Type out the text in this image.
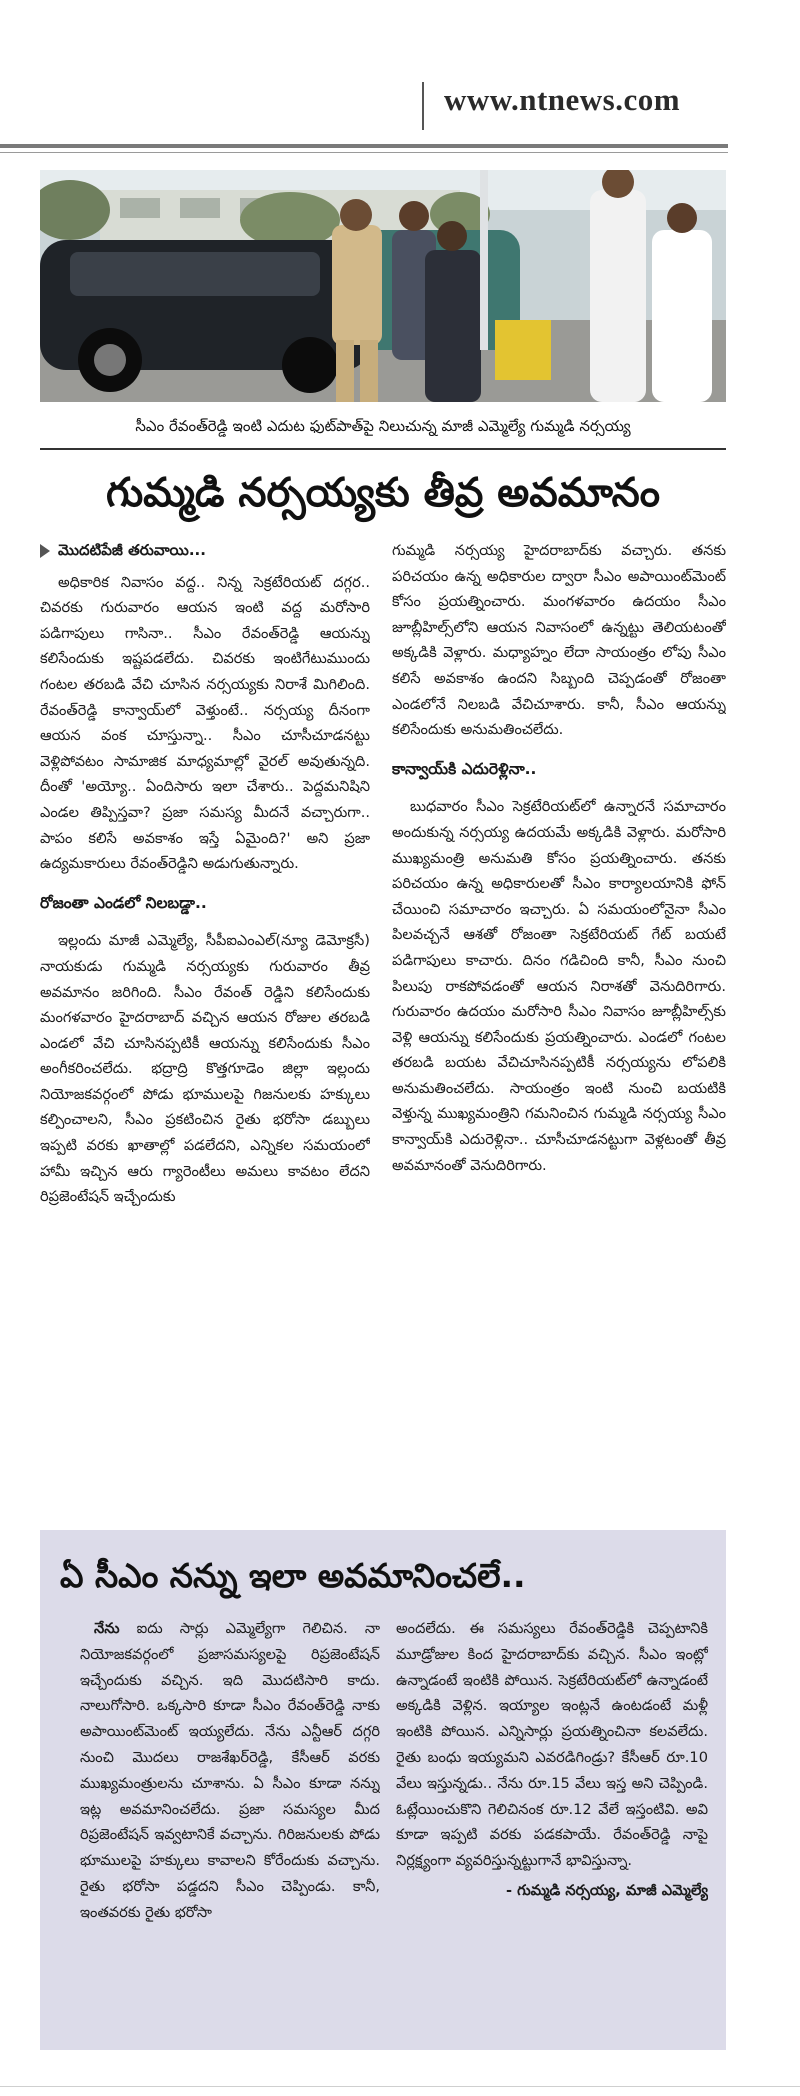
www.ntnews.com
సీఎం రేవంత్‌రెడ్డి ఇంటి ఎదుట ఫుట్‌పాత్‌పై నిలుచున్న మాజీ ఎమ్మెల్యే గుమ్మడి నర్సయ్య
గుమ్మడి నర్సయ్యకు తీవ్ర అవమానం
మొదటిపేజీ తరువాయి...

అధికారిక నివాసం వద్ద.. నిన్న సెక్రటేరియట్ దగ్గర.. చివరకు గురువారం ఆయన ఇంటి వద్ద మరోసారి పడిగాపులు గాసినా.. సీఎం రేవంత్‌రెడ్డి ఆయన్ను కలిసేందుకు ఇష్టపడలేదు. చివరకు ఇంటిగేటుముందు గంటల తరబడి వేచి చూసిన నర్సయ్యకు నిరాశే మిగిలింది. రేవంత్‌రెడ్డి కాన్వాయ్‌లో వెళ్తుంటే.. నర్సయ్య దీనంగా ఆయన వంక చూస్తున్నా.. సీఎం చూసీచూడనట్టు వెళ్లిపోవటం సామాజిక మాధ్యమాల్లో వైరల్ అవుతున్నది. దీంతో 'అయ్యో.. ఏందిసారు ఇలా చేశారు.. పెద్దమనిషిని ఎండల తిప్పిస్తవా? ప్రజా సమస్య మీదనే వచ్చారుగా.. పాపం కలిసే అవకాశం ఇస్తే ఏమైంది?' అని ప్రజా ఉద్యమకారులు రేవంత్‌రెడ్డిని అడుగుతున్నారు.

రోజంతా ఎండలో నిలబడ్డా..

ఇల్లందు మాజీ ఎమ్మెల్యే, సీపీఐఎంఎల్(న్యూ డెమోక్రసీ) నాయకుడు గుమ్మడి నర్సయ్యకు గురువారం తీవ్ర అవమానం జరిగింది. సీఎం రేవంత్ రెడ్డిని కలిసేందుకు మంగళవారం హైదరాబాద్ వచ్చిన ఆయన రోజుల తరబడి ఎండలో వేచి చూసినప్పటికీ ఆయన్ను కలిసేందుకు సీఎం అంగీకరించలేదు. భద్రాద్రి కొత్తగూడెం జిల్లా ఇల్లందు నియోజకవర్గంలో పోడు భూములపై గిజనులకు హక్కులు కల్పించాలని, సీఎం ప్రకటించిన రైతు భరోసా డబ్బులు ఇప్పటి వరకు ఖాతాల్లో పడలేదని, ఎన్నికల సమయంలో హామీ ఇచ్చిన ఆరు గ్యారెంటీలు అమలు కావటం లేదని రిప్రజెంటేషన్ ఇచ్చేందుకు

గుమ్మడి నర్సయ్య హైదరాబాద్‌కు వచ్చారు. తనకు పరిచయం ఉన్న అధికారుల ద్వారా సీఎం అపాయింట్‌మెంట్ కోసం ప్రయత్నించారు. మంగళవారం ఉదయం సీఎం జూబ్లీహిల్స్‌లోని ఆయన నివాసంలో ఉన్నట్టు తెలియటంతో అక్కడికి వెళ్లారు. మధ్యాహ్నం లేదా సాయంత్రం లోపు సీఎం కలిసే అవకాశం ఉందని సిబ్బంది చెప్పడంతో రోజంతా ఎండలోనే నిలబడి వేచిచూశారు. కానీ, సీఎం ఆయన్ను కలిసేందుకు అనుమతించలేదు.

కాన్వాయ్‌కి ఎదురెళ్లినా..

బుధవారం సీఎం సెక్రటేరియట్‌లో ఉన్నారనే సమాచారం అందుకున్న నర్సయ్య ఉదయమే అక్కడికి వెళ్లారు. మరోసారి ముఖ్యమంత్రి అనుమతి కోసం ప్రయత్నించారు. తనకు పరిచయం ఉన్న అధికారులతో సీఎం కార్యాలయానికి ఫోన్ చేయించి సమాచారం ఇచ్చారు. ఏ సమయంలోనైనా సీఎం పిలవచ్చనే ఆశతో రోజంతా సెక్రటేరియట్ గేట్ బయటే పడిగాపులు కాచారు. దినం గడిచింది కానీ, సీఎం నుంచి పిలుపు రాకపోవడంతో ఆయన నిరాశతో వెనుదిరిగారు. గురువారం ఉదయం మరోసారి సీఎం నివాసం జూబ్లీహిల్స్‌కు వెళ్లి ఆయన్ను కలిసేందుకు ప్రయత్నించారు. ఎండలో గంటల తరబడి బయట వేచిచూసినప్పటికీ నర్సయ్యను లోపలికి అనుమతించలేదు. సాయంత్రం ఇంటి నుంచి బయటికి వెళ్తున్న ముఖ్యమంత్రిని గమనించిన గుమ్మడి నర్సయ్య సీఎం కాన్వాయ్‌కి ఎదురెళ్లినా.. చూసీచూడనట్టుగా వెళ్లటంతో తీవ్ర అవమానంతో వెనుదిరిగారు.

ఏ సీఎం నన్ను ఇలా అవమానించలే..

నేను ఐదు సార్లు ఎమ్మెల్యేగా గెలిచిన. నా నియోజకవర్గంలో ప్రజాసమస్యలపై రిప్రజెంటేషన్ ఇచ్చేందుకు వచ్చిన. ఇది మొదటిసారి కాదు. నాలుగోసారి. ఒక్కసారి కూడా సీఎం రేవంత్‌రెడ్డి నాకు అపాయింట్‌మెంట్ ఇయ్యలేదు. నేను ఎన్టీఆర్ దగ్గరి నుంచి మొదలు రాజశేఖర్‌రెడ్డి, కేసీఆర్ వరకు ముఖ్యమంత్రులను చూశాను. ఏ సీఎం కూడా నన్ను ఇట్ల అవమానించలేదు. ప్రజా సమస్యల మీద రిప్రజెంటేషన్ ఇవ్వటానికే వచ్చాను. గిరిజనులకు పోడు భూములపై హక్కులు కావాలని కోరేందుకు వచ్చాను. రైతు భరోసా పడ్డదని సీఎం చెప్పిండు. కానీ, ఇంతవరకు రైతు భరోసా

అందలేదు. ఈ సమస్యలు రేవంత్‌రెడ్డికి చెప్పటానికి మూడ్రోజుల కింద హైదరాబాద్‌కు వచ్చిన. సీఎం ఇంట్లో ఉన్నాడంటే ఇంటికి పోయిన. సెక్రటేరియట్‌లో ఉన్నాడంటే అక్కడికి వెళ్లిన. ఇయ్యాల ఇంట్లనే ఉంటడంటే మళ్లీ ఇంటికి పోయిన. ఎన్నిసార్లు ప్రయత్నించినా కలవలేదు. రైతు బంధు ఇయ్యమని ఎవరడిగిండ్రు? కేసీఆర్ రూ.10 వేలు ఇస్తున్నడు.. నేను రూ.15 వేలు ఇస్త అని చెప్పిండి. ఓట్లేయించుకొని గెలిచినంక రూ.12 వేలే ఇస్తంటివి. అవి కూడా ఇప్పటి వరకు పడకపాయే. రేవంత్‌రెడ్డి నాపై నిర్లక్ష్యంగా వ్యవరిస్తున్నట్టుగానే భావిస్తున్నా.

- గుమ్మడి నర్సయ్య, మాజీ ఎమ్మెల్యే
